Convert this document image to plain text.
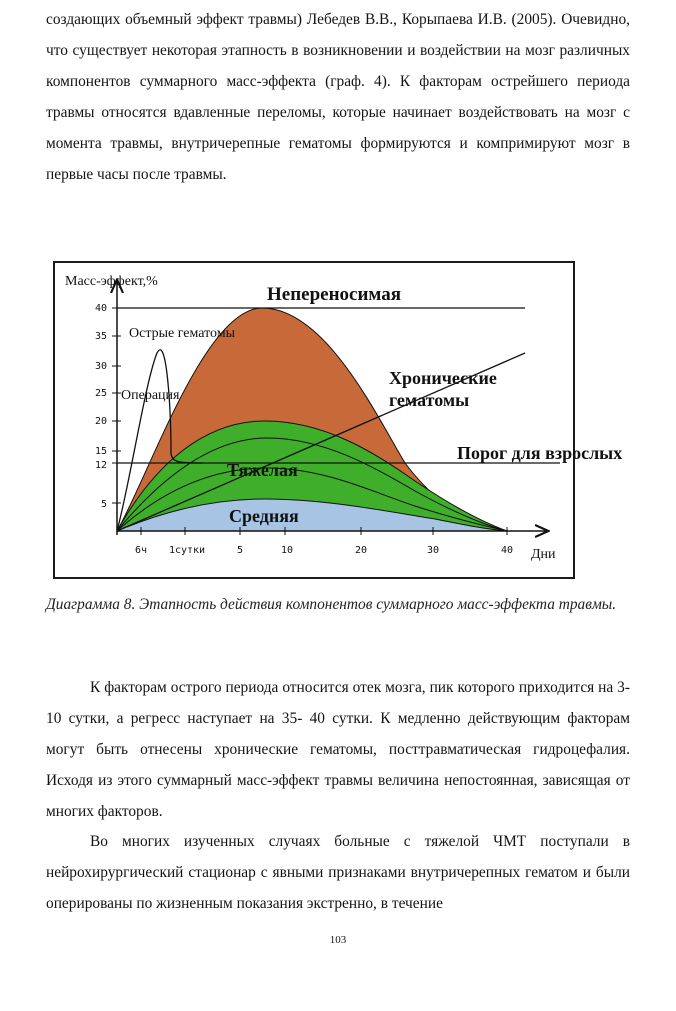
создающих объемный эффект травмы) Лебедев В.В., Корыпаева И.В. (2005). Очевидно, что существует некоторая этапность в возникновении и воздействии на мозг различных компонентов суммарного масс-эффекта (граф. 4). К факторам острейшего периода травмы относятся вдавленные переломы, которые начинает воздействовать на мозг с момента травмы, внутричерепные гематомы формируются и компримируют мозг в первые часы после травмы.

40
35
30
25
20
15
12
5
6ч 1сутки	5	10	20	30	40
Масс-эффект,%
Дни
Непереносимая
Хронические гематомы
Порог для взрослых
Острые гематомы
Операция
Тяжелая
Средняя

Диаграмма 8. Этапность действия компонентов суммарного масс-эффекта травмы.

К факторам острого периода относится отек мозга, пик которого приходится на 3-10 сутки, а регресс наступает на 35- 40 сутки. К медленно действующим факторам могут быть отнесены хронические гематомы, посттравматическая гидроцефалия. Исходя из этого суммарный масс-эффект травмы величина непостоянная, зависящая от многих факторов.

Во многих изученных случаях больные с тяжелой ЧМТ поступали в нейрохирургический стационар с явными признаками внутричерепных гематом и были оперированы по жизненным показания экстренно, в течение

103
